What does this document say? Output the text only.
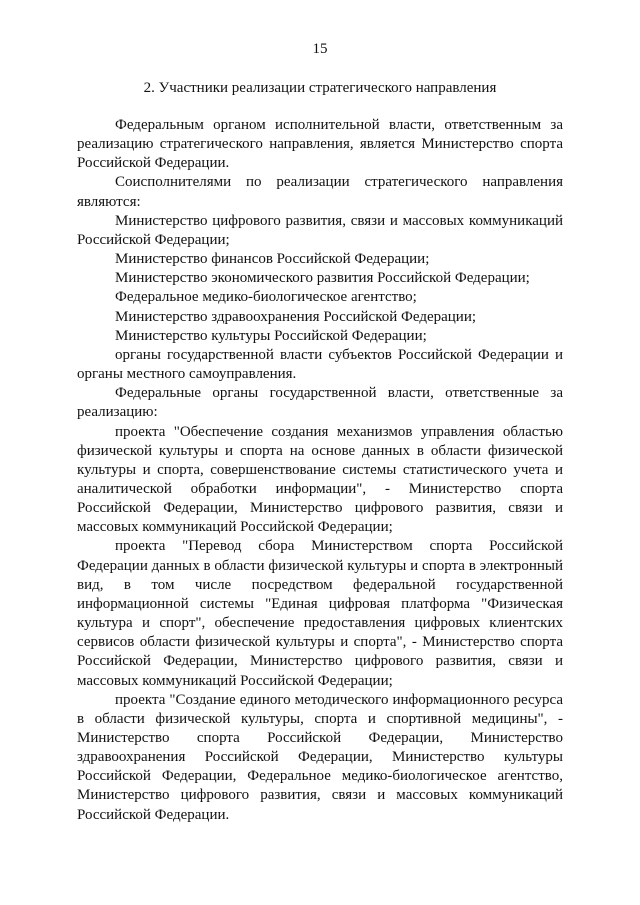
15
2. Участники реализации стратегического направления

Федеральным органом исполнительной власти, ответственным за реализацию стратегического направления, является Министерство спорта Российской Федерации.

Соисполнителями по реализации стратегического направления являются:

Министерство цифрового развития, связи и массовых коммуникаций Российской Федерации;

Министерство финансов Российской Федерации;

Министерство экономического развития Российской Федерации;

Федеральное медико-биологическое агентство;

Министерство здравоохранения Российской Федерации;

Министерство культуры Российской Федерации;

органы государственной власти субъектов Российской Федерации и органы местного самоуправления.

Федеральные органы государственной власти, ответственные за реализацию:

проекта "Обеспечение создания механизмов управления областью физической культуры и спорта на основе данных в области физической культуры и спорта, совершенствование системы статистического учета и аналитической обработки информации", - Министерство спорта Российской Федерации, Министерство цифрового развития, связи и массовых коммуникаций Российской Федерации;

проекта "Перевод сбора Министерством спорта Российской Федерации данных в области физической культуры и спорта в электронный вид, в том числе посредством федеральной государственной информационной системы "Единая цифровая платформа "Физическая культура и спорт", обеспечение предоставления цифровых клиентских сервисов области физической культуры и спорта", - Министерство спорта Российской Федерации, Министерство цифрового развития, связи и массовых коммуникаций Российской Федерации;

проекта "Создание единого методического информационного ресурса в области физической культуры, спорта и спортивной медицины", - Министерство спорта Российской Федерации, Министерство здравоохранения Российской Федерации, Министерство культуры Российской Федерации, Федеральное медико-биологическое агентство, Министерство цифрового развития, связи и массовых коммуникаций Российской Федерации.
